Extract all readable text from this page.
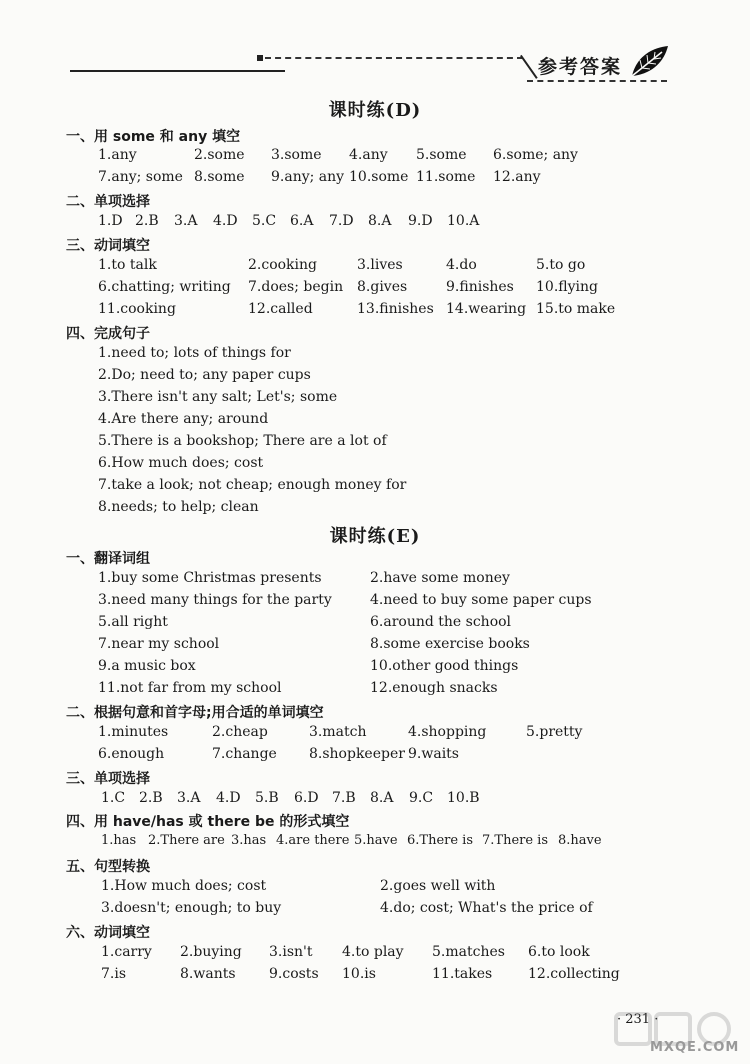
参考答案
课时练(D)
一、用 some 和 any 填空
1.any	2.some 3.some 4.any 5.some 6.some; any
7.any; some 8.some 9.any; any 10.some 11.some 12.any
二、单项选择
1.D 2.B 3.A 4.D 5.C 6.A 7.D 8.A 9.D 10.A
三、动词填空
1.to talk	2.cooking	3.lives	4.do	5.to go
6.chatting; writing 7.does; begin 8.gives	9.finishes 10.flying
11.cooking	12.called	13.finishes 14.wearing 15.to make
四、完成句子
1.need to; lots of things for
2.Do; need to; any paper cups
3.There isn't any salt; Let's; some
4.Are there any; around
5.There is a bookshop; There are a lot of
6.How much does; cost
7.take a look; not cheap; enough money for
8.needs; to help; clean
课时练(E)
一、翻译词组
1.buy some Christmas presents	2.have some money
3.need many things for the party	4.need to buy some paper cups
5.all right	6.around the school
7.near my school	8.some exercise books
9.a music box	10.other good things
11.not far from my school	12.enough snacks
二、根据句意和首字母;用合适的单词填空
1.minutes	2.cheap	3.match	4.shopping	5.pretty
6.enough	7.change 8.shopkeeper 9.waits
三、单项选择
1.C 2.B 3.A 4.D 5.B 6.D 7.B 8.A 9.C 10.B
四、用 have/has 或 there be 的形式填空
1.has 2.There are 3.has 4.are there 5.have 6.There is 7.There is 8.have
五、句型转换
1.How much does; cost	2.goes well with
3.doesn't; enough; to buy	4.do; cost; What's the price of
六、动词填空
1.carry 2.buying 3.isn't 4.to play 5.matches 6.to look
7.is	8.wants 9.costs 10.is	11.takes	12.collecting
· 231 ·
MXQE.COM
